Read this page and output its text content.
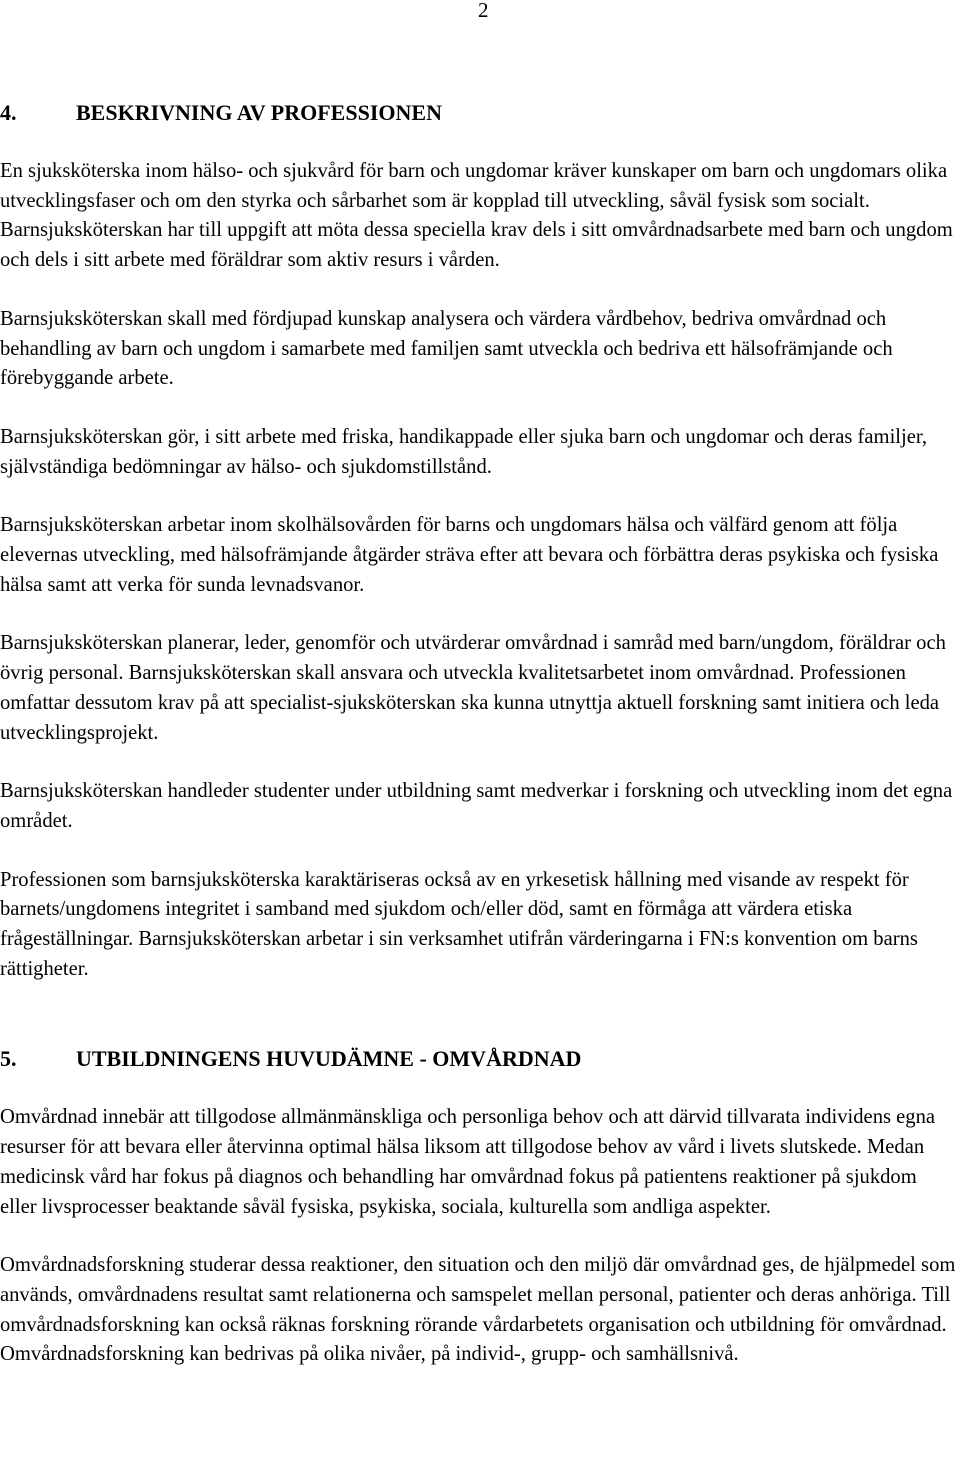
2
4.	BESKRIVNING AV PROFESSIONEN

En sjuksköterska inom hälso- och sjukvård för barn och ungdomar kräver kunskaper om barn och ungdomars olika utvecklingsfaser och om den styrka och sårbarhet som är kopplad till utveckling, såväl fysisk som socialt. Barnsjuksköterskan har till uppgift att möta dessa speciella krav dels i sitt omvårdnadsarbete med barn och ungdom och dels i sitt arbete med föräldrar som aktiv resurs i vården.

Barnsjuksköterskan skall med fördjupad kunskap analysera och värdera vårdbehov, bedriva omvårdnad och behandling av barn och ungdom i samarbete med familjen samt utveckla och bedriva ett hälsofrämjande och förebyggande arbete.

Barnsjuksköterskan gör, i sitt arbete med friska, handikappade eller sjuka barn och ungdomar och deras familjer, självständiga bedömningar av hälso- och sjukdomstillstånd.

Barnsjuksköterskan arbetar inom skolhälsovården för barns och ungdomars hälsa och välfärd genom att följa elevernas utveckling, med hälsofrämjande åtgärder sträva efter att bevara och förbättra deras psykiska och fysiska hälsa samt att verka för sunda levnadsvanor.

Barnsjuksköterskan planerar, leder, genomför och utvärderar omvårdnad i samråd med barn/ungdom, föräldrar och övrig personal. Barnsjuksköterskan skall ansvara och utveckla kvalitetsarbetet inom omvårdnad. Professionen omfattar dessutom krav på att specialist-sjuksköterskan ska kunna utnyttja aktuell forskning samt initiera och leda utvecklingsprojekt.

Barnsjuksköterskan handleder studenter under utbildning samt medverkar i forskning och utveckling inom det egna området.

Professionen som barnsjuksköterska karaktäriseras också av en yrkesetisk hållning med visande av respekt för barnets/ungdomens integritet i samband med sjukdom och/eller död, samt en förmåga att värdera etiska frågeställningar. Barnsjuksköterskan arbetar i sin verksamhet utifrån värderingarna i FN:s konvention om barns rättigheter.

5.	UTBILDNINGENS HUVUDÄMNE - OMVÅRDNAD

Omvårdnad innebär att tillgodose allmänmänskliga och personliga behov och att därvid tillvarata individens egna resurser för att bevara eller återvinna optimal hälsa liksom att tillgodose behov av vård i livets slutskede. Medan medicinsk vård har fokus på diagnos och behandling har omvårdnad fokus på patientens reaktioner på sjukdom eller livsprocesser beaktande såväl fysiska, psykiska, sociala, kulturella som andliga aspekter.

Omvårdnadsforskning studerar dessa reaktioner, den situation och den miljö där omvårdnad ges, de hjälpmedel som används, omvårdnadens resultat samt relationerna och samspelet mellan personal, patienter och deras anhöriga. Till omvårdnadsforskning kan också räknas forskning rörande vårdarbetets organisation och utbildning för omvårdnad.

Omvårdnadsforskning kan bedrivas på olika nivåer, på individ-, grupp- och samhällsnivå.
